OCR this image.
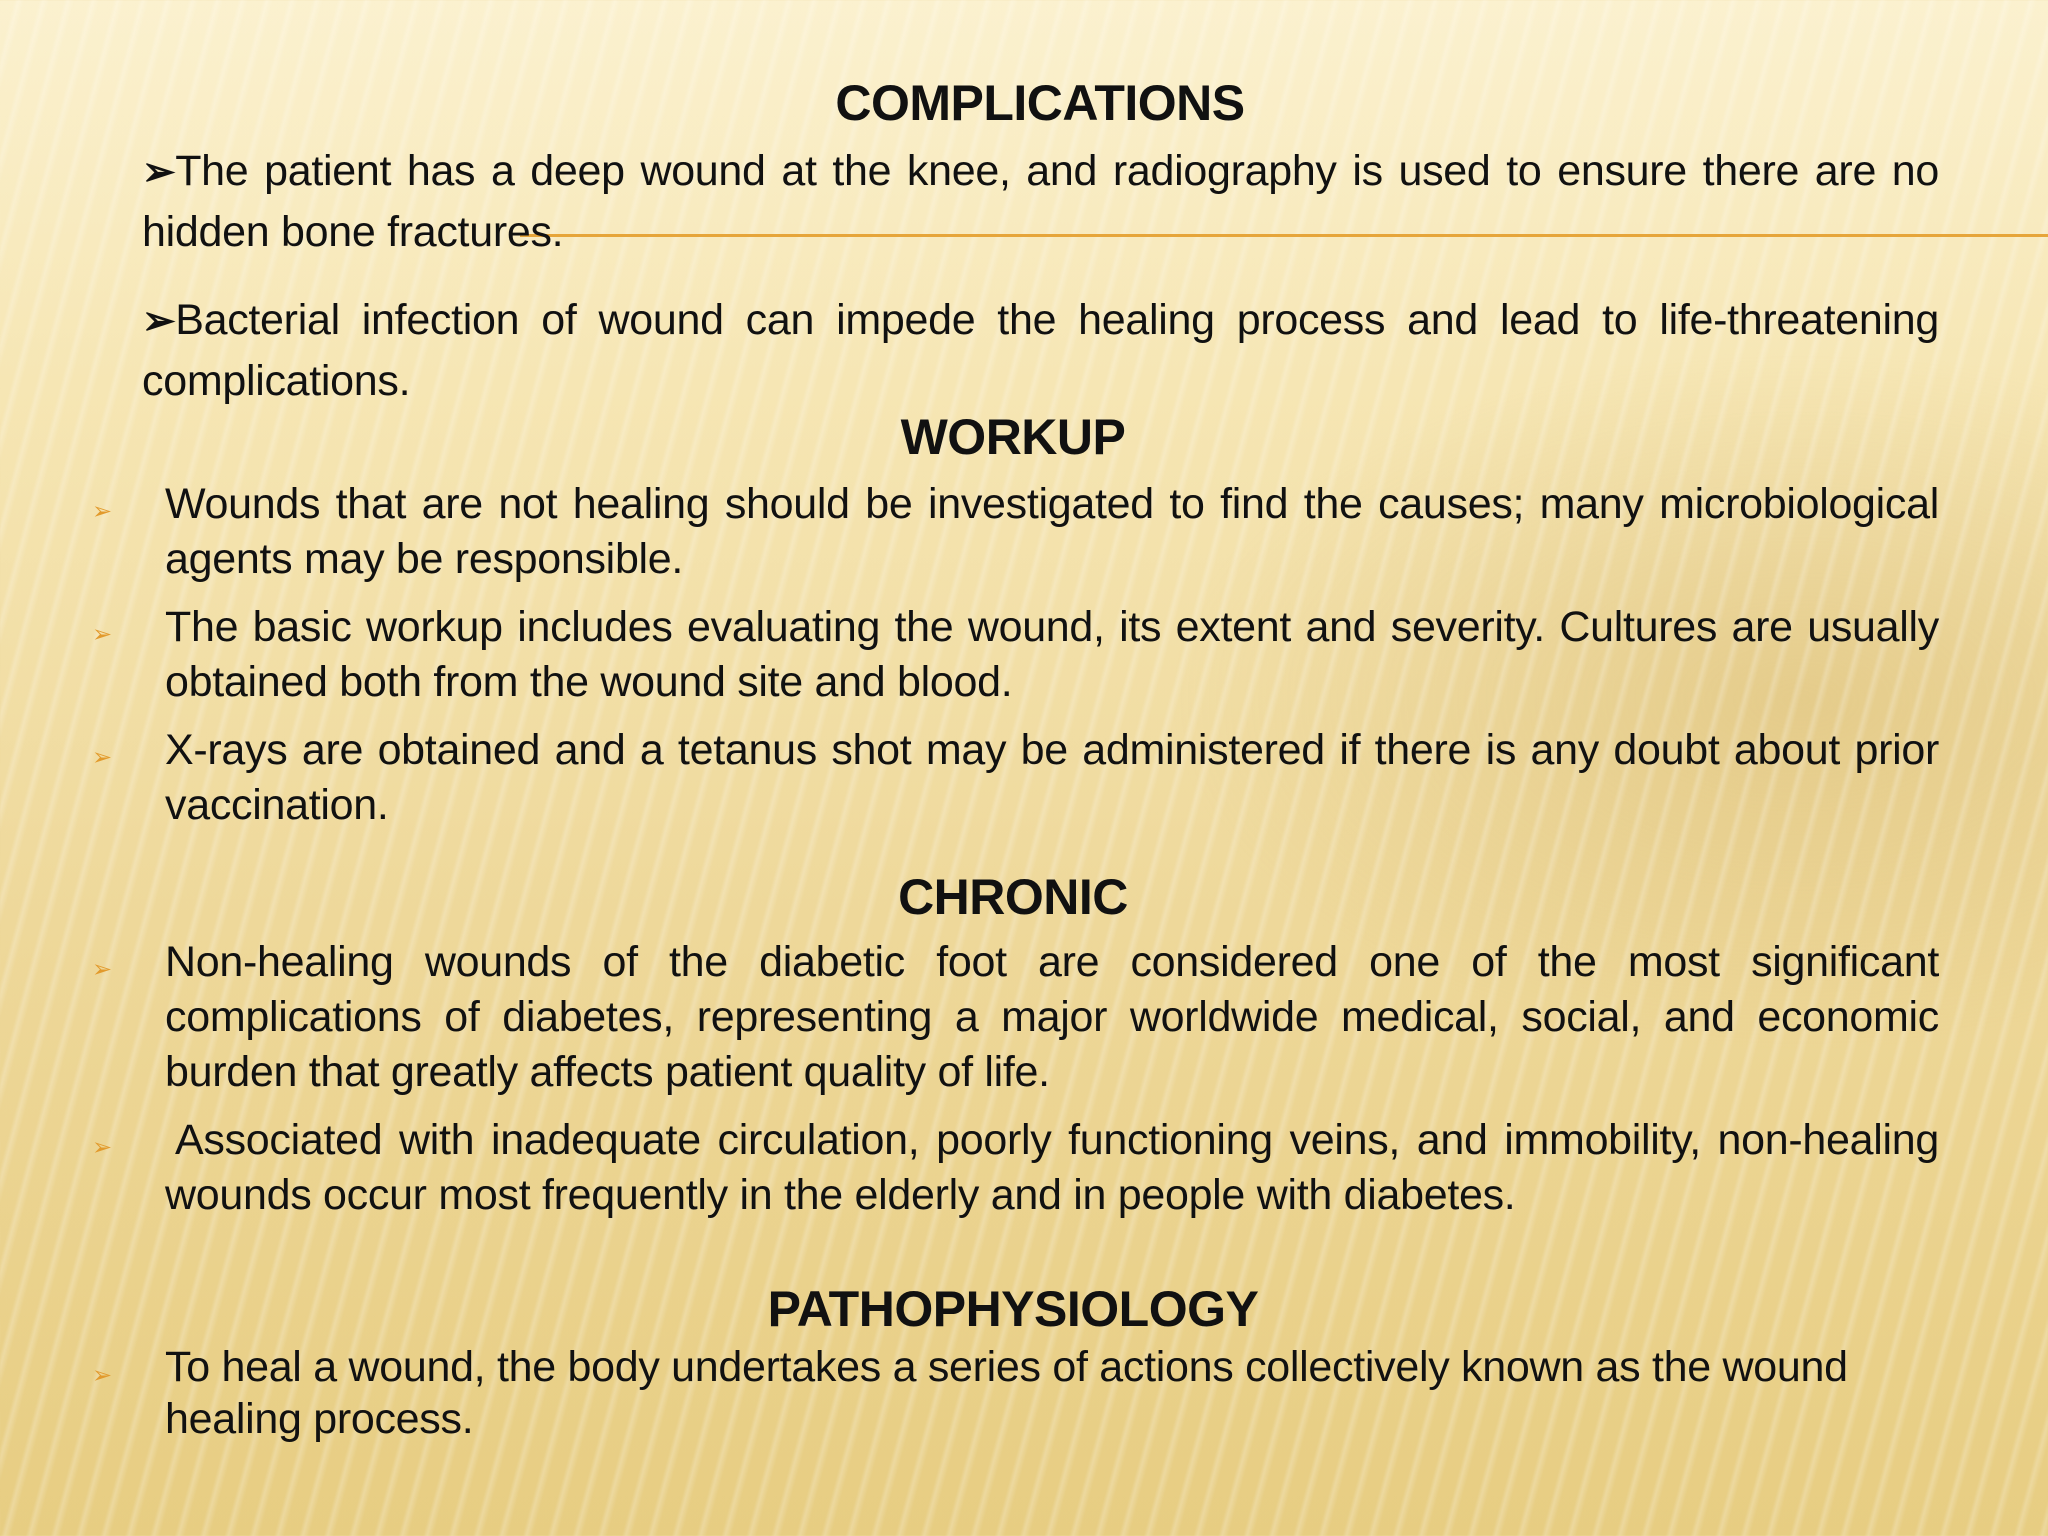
COMPLICATIONS
➢The patient has a deep wound at the knee, and radiography is used to ensure there are no hidden bone fractures.
➢Bacterial infection of wound can impede the healing process and lead to life-threatening complications.
WORKUP
➢ Wounds that are not healing should be investigated to find the causes; many microbiological agents may be responsible.
➢ The basic workup includes evaluating the wound, its extent and severity. Cultures are usually obtained both from the wound site and blood.
➢ X-rays are obtained and a tetanus shot may be administered if there is any doubt about prior vaccination.
CHRONIC
➢ Non-healing wounds of the diabetic foot are considered one of the most significant complications of diabetes, representing a major worldwide medical, social, and economic burden that greatly affects patient quality of life.
➢ Associated with inadequate circulation, poorly functioning veins, and immobility, non-healing wounds occur most frequently in the elderly and in people with diabetes.
PATHOPHYSIOLOGY
➢ To heal a wound, the body undertakes a series of actions collectively known as the wound healing process.
